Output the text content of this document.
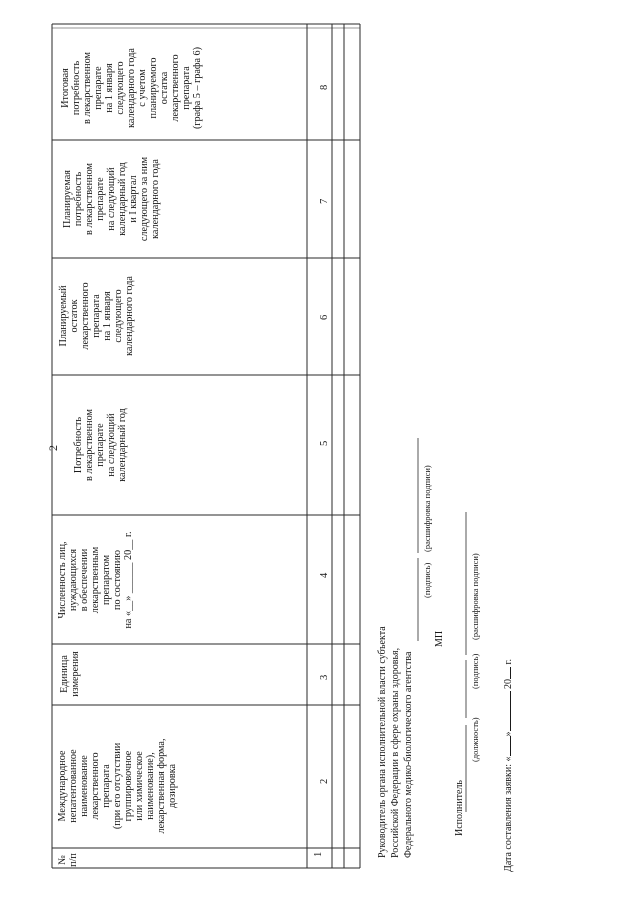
2
№ п/п
Международное непатентованное наименование лекарственного препарата (при его отсутствии группировочное или химическое наименование), лекарственная форма, дозировка
Единица измерения
Численность лиц, нуждающихся в обеспечении лекарственным препаратом по состоянию на «__» ______ 20__ г.
Потребность в лекарственном препарате на следующий календарный год
Планируемый остаток лекарственного препарата на 1 января следующего календарного года
Планируемая потребность в лекарственном препарате на следующий календарный год и I квартал следующего за ним календарного года
Итоговая потребность в лекарственном препарате на 1 января следующего календарного года с учетом планируемого остатка лекарственного препарата (графа 5 – графа 6)
1
2
3
4
5
6
7
8
Руководитель органа исполнительной власти субъекта Российской Федерации в сфере охраны здоровья, Федерального медико-биологического агентства
(подпись)
(расшифровка подписи)
МП
Исполнитель
(должность)
(подпись)
(расшифровка подписи)
Дата составления заявки: «» 20 г.
